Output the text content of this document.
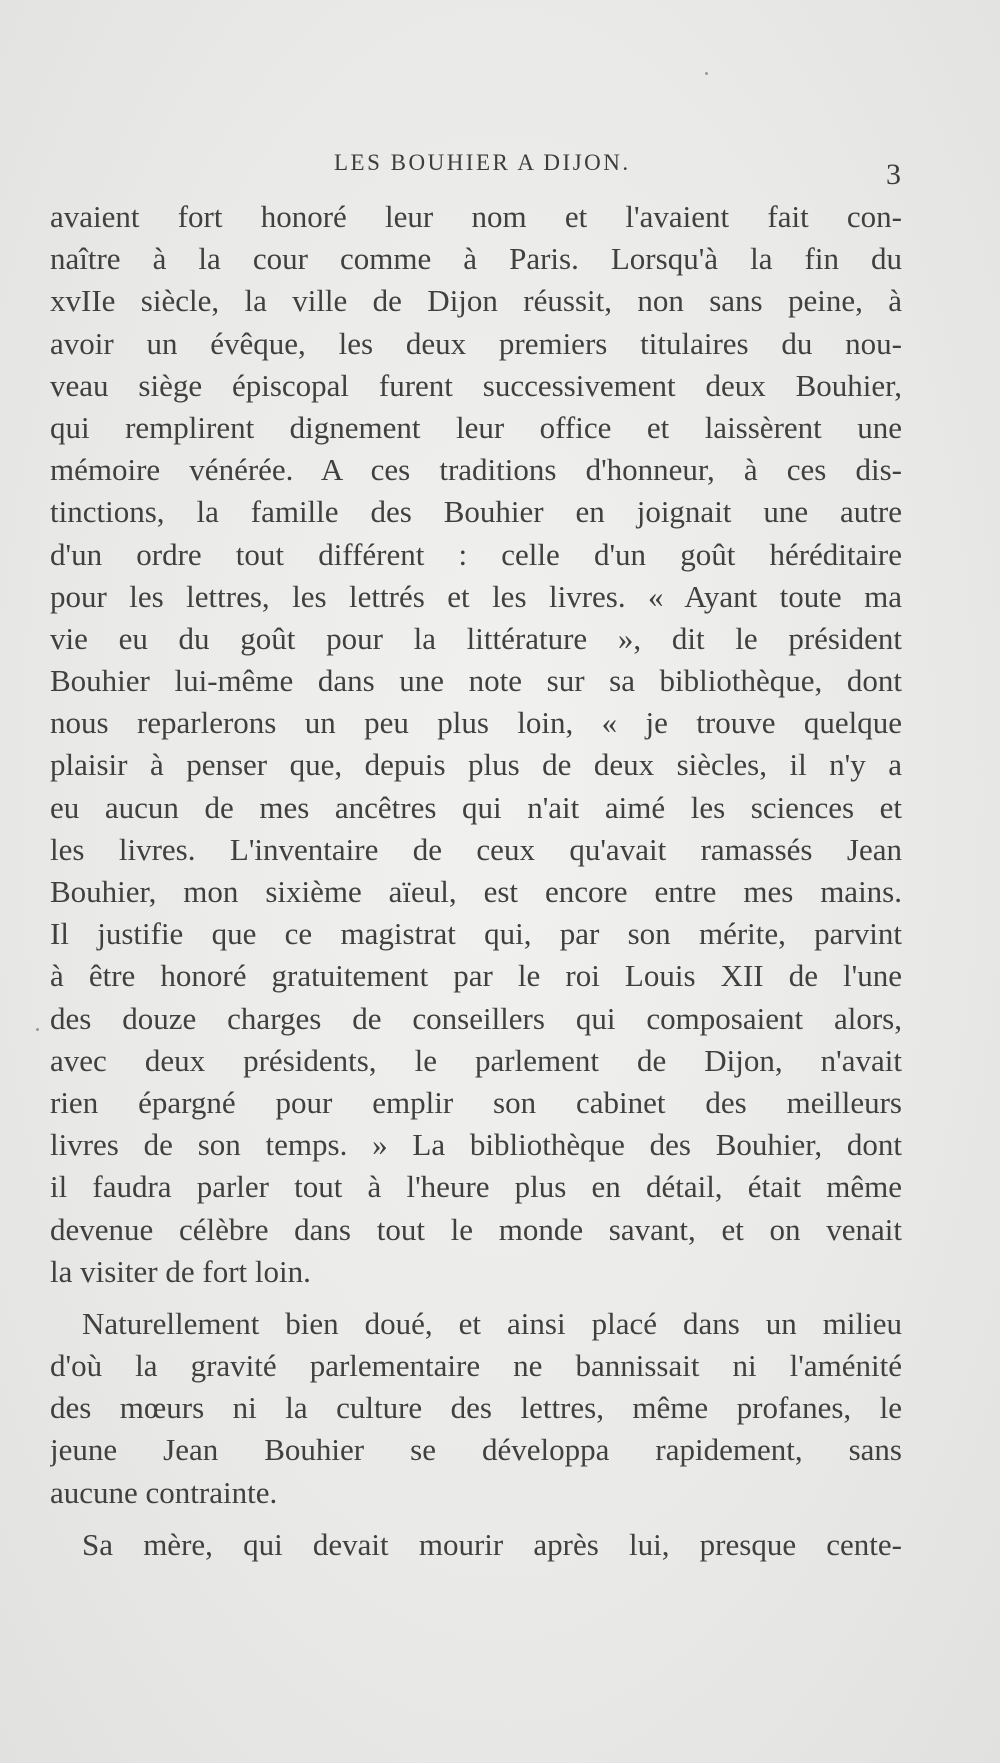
LES BOUHIER A DIJON.	3
avaient fort honoré leur nom et l'avaient fait con-
naître à la cour comme à Paris. Lorsqu'à la fin du
xvIIe siècle, la ville de Dijon réussit, non sans peine, à
avoir un évêque, les deux premiers titulaires du nou-
veau siège épiscopal furent successivement deux Bouhier,
qui remplirent dignement leur office et laissèrent une
mémoire vénérée. A ces traditions d'honneur, à ces dis-
tinctions, la famille des Bouhier en joignait une autre
d'un ordre tout différent : celle d'un goût héréditaire
pour les lettres, les lettrés et les livres. « Ayant toute ma
vie eu du goût pour la littérature », dit le président
Bouhier lui-même dans une note sur sa bibliothèque, dont
nous reparlerons un peu plus loin, « je trouve quelque
plaisir à penser que, depuis plus de deux siècles, il n'y a
eu aucun de mes ancêtres qui n'ait aimé les sciences et
les livres. L'inventaire de ceux qu'avait ramassés Jean
Bouhier, mon sixième aïeul, est encore entre mes mains.
Il justifie que ce magistrat qui, par son mérite, parvint
à être honoré gratuitement par le roi Louis XII de l'une
des douze charges de conseillers qui composaient alors,
avec deux présidents, le parlement de Dijon, n'avait
rien épargné pour emplir son cabinet des meilleurs
livres de son temps. » La bibliothèque des Bouhier, dont
il faudra parler tout à l'heure plus en détail, était même
devenue célèbre dans tout le monde savant, et on venait
la visiter de fort loin.
Naturellement bien doué, et ainsi placé dans un milieu
d'où la gravité parlementaire ne bannissait ni l'aménité
des mœurs ni la culture des lettres, même profanes, le
jeune Jean Bouhier se développa rapidement, sans
aucune contrainte.
Sa mère, qui devait mourir après lui, presque cente-
